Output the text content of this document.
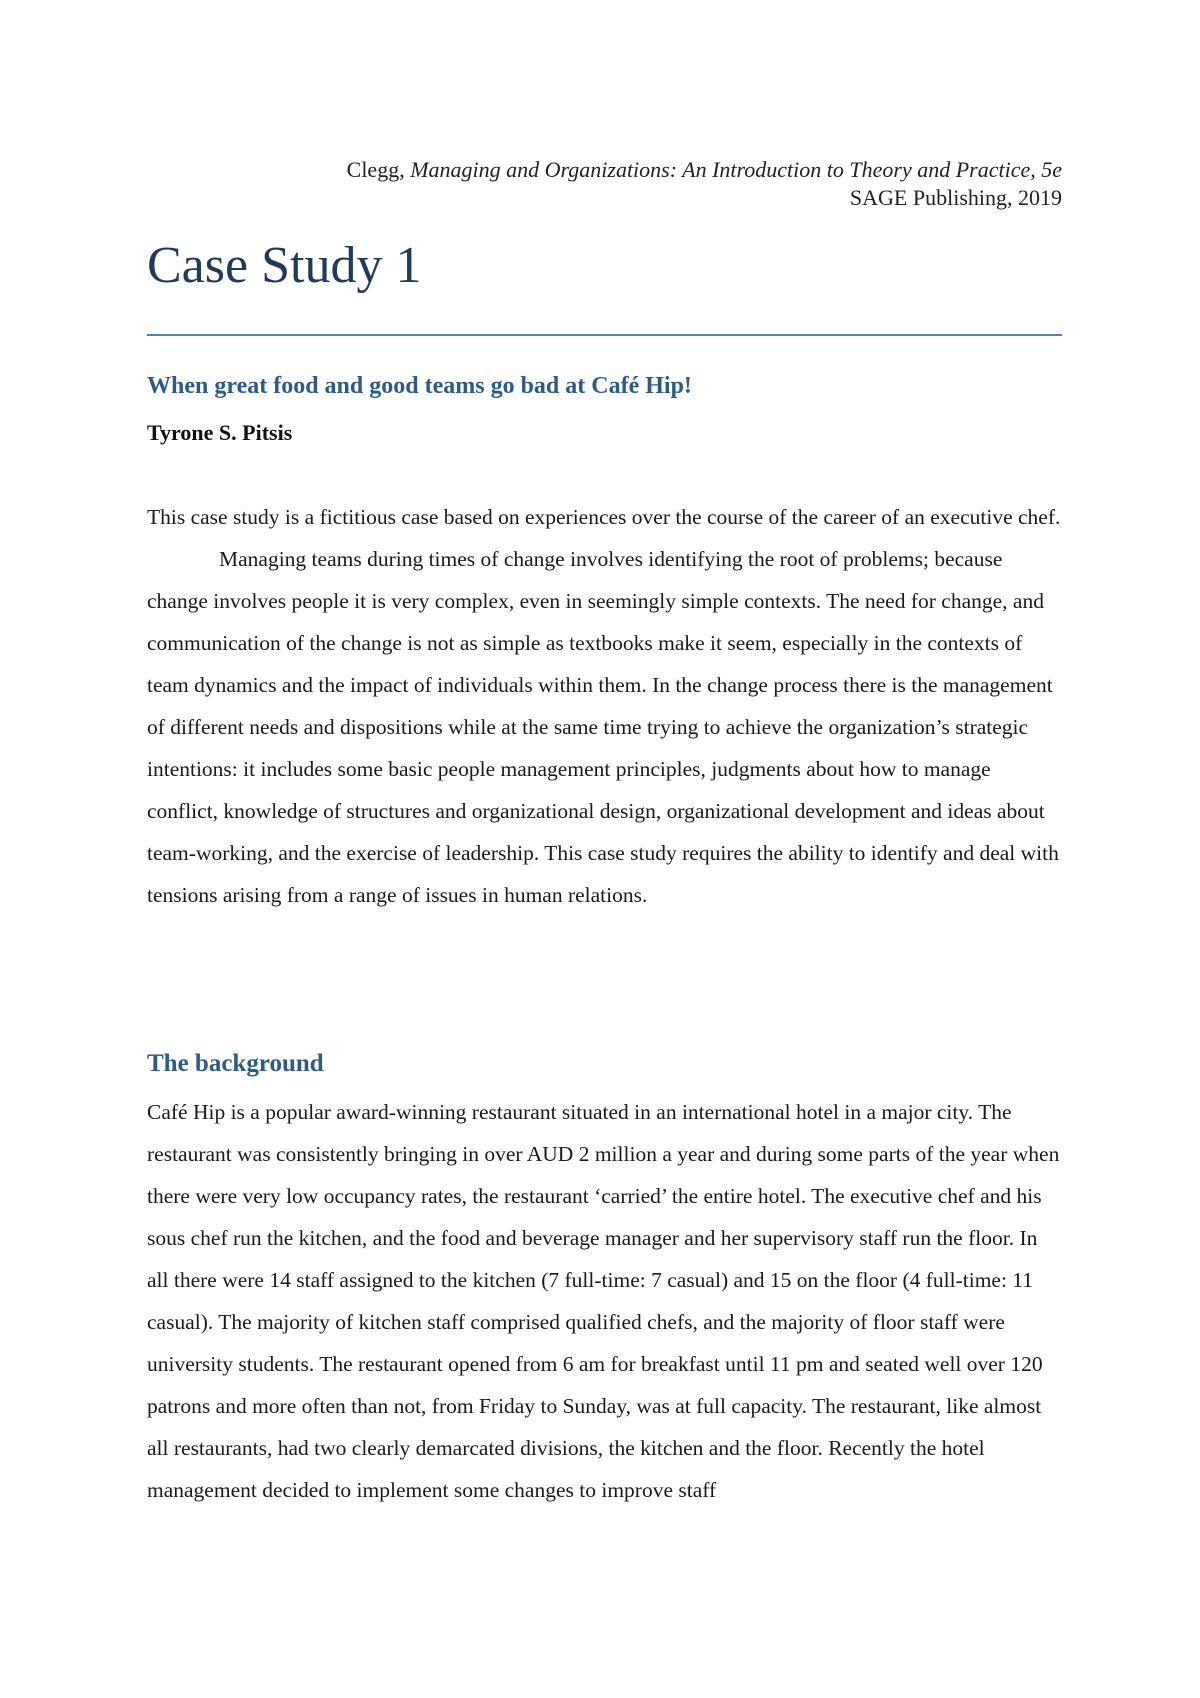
Clegg, Managing and Organizations: An Introduction to Theory and Practice, 5e
SAGE Publishing, 2019
Case Study 1
When great food and good teams go bad at Café Hip!

Tyrone S. Pitsis

This case study is a fictitious case based on experiences over the course of the career of an executive chef.

Managing teams during times of change involves identifying the root of problems; because change involves people it is very complex, even in seemingly simple contexts. The need for change, and communication of the change is not as simple as textbooks make it seem, especially in the contexts of team dynamics and the impact of individuals within them. In the change process there is the management of different needs and dispositions while at the same time trying to achieve the organization’s strategic intentions: it includes some basic people management principles, judgments about how to manage conflict, knowledge of structures and organizational design, organizational development and ideas about team-working, and the exercise of leadership. This case study requires the ability to identify and deal with tensions arising from a range of issues in human relations.

The background

Café Hip is a popular award-winning restaurant situated in an international hotel in a major city. The restaurant was consistently bringing in over AUD 2 million a year and during some parts of the year when there were very low occupancy rates, the restaurant ‘carried’ the entire hotel. The executive chef and his sous chef run the kitchen, and the food and beverage manager and her supervisory staff run the floor. In all there were 14 staff assigned to the kitchen (7 full-time: 7 casual) and 15 on the floor (4 full-time: 11 casual). The majority of kitchen staff comprised qualified chefs, and the majority of floor staff were university students. The restaurant opened from 6 am for breakfast until 11 pm and seated well over 120 patrons and more often than not, from Friday to Sunday, was at full capacity. The restaurant, like almost all restaurants, had two clearly demarcated divisions, the kitchen and the floor. Recently the hotel management decided to implement some changes to improve staff
